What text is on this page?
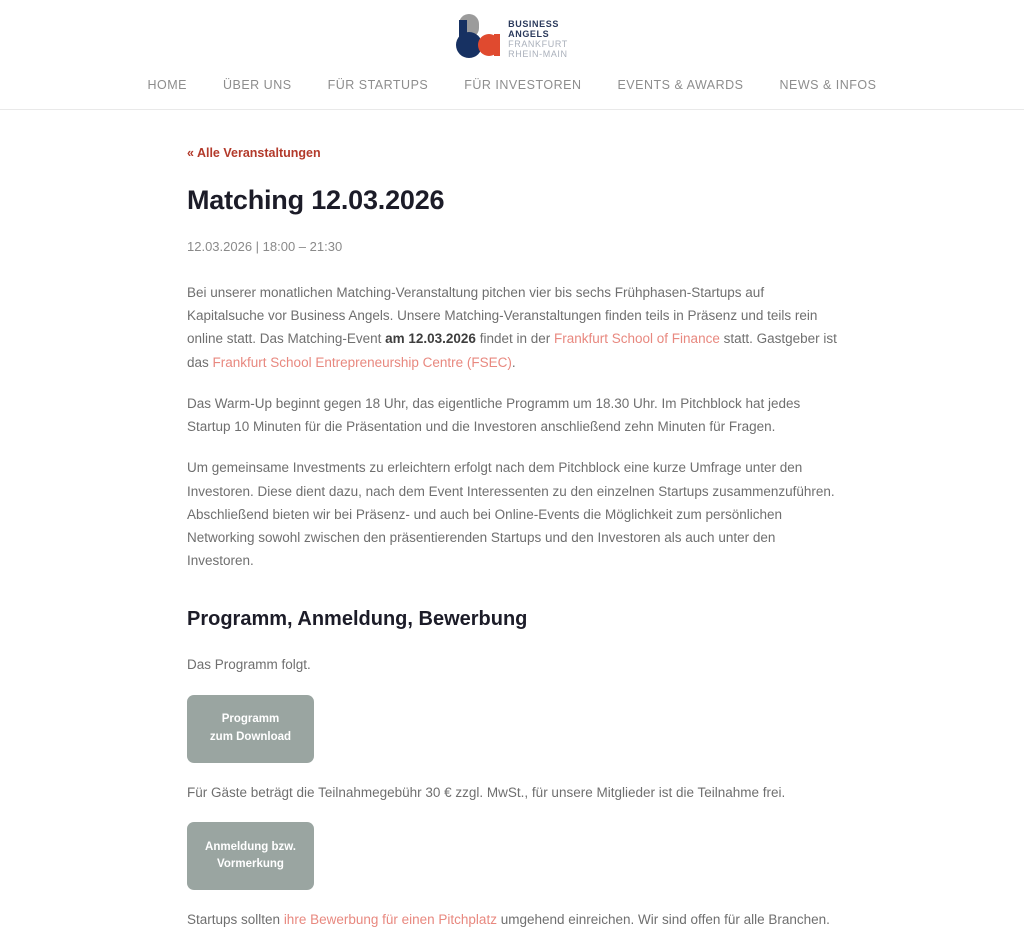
BUSINESS
ANGELS
FRANKFURT
RHEIN-MAIN
HOME	ÜBER UNS	FÜR STARTUPS	FÜR INVESTOREN	EVENTS & AWARDS	NEWS & INFOS
« Alle Veranstaltungen
Matching 12.03.2026
12.03.2026 | 18:00 – 21:30

Bei unserer monatlichen Matching-Veranstaltung pitchen vier bis sechs Frühphasen-Startups auf Kapitalsuche vor Business Angels. Unsere Matching-Veranstaltungen finden teils in Präsenz und teils rein online statt. Das Matching-Event am 12.03.2026 findet in der Frankfurt School of Finance statt. Gastgeber ist das Frankfurt School Entrepreneurship Centre (FSEC).

Das Warm-Up beginnt gegen 18 Uhr, das eigentliche Programm um 18.30 Uhr. Im Pitchblock hat jedes Startup 10 Minuten für die Präsentation und die Investoren anschließend zehn Minuten für Fragen.

Um gemeinsame Investments zu erleichtern erfolgt nach dem Pitchblock eine kurze Umfrage unter den Investoren. Diese dient dazu, nach dem Event Interessenten zu den einzelnen Startups zusammenzuführen. Abschließend bieten wir bei Präsenz- und auch bei Online-Events die Möglichkeit zum persönlichen Networking sowohl zwischen den präsentierenden Startups und den Investoren als auch unter den Investoren.

Programm, Anmeldung, Bewerbung

Das Programm folgt.

Programm
zum Download

Für Gäste beträgt die Teilnahmegebühr 30 € zzgl. MwSt., für unsere Mitglieder ist die Teilnahme frei.

Anmeldung bzw.
Vormerkung

Startups sollten ihre Bewerbung für einen Pitchplatz umgehend einreichen. Wir sind offen für alle Branchen.
